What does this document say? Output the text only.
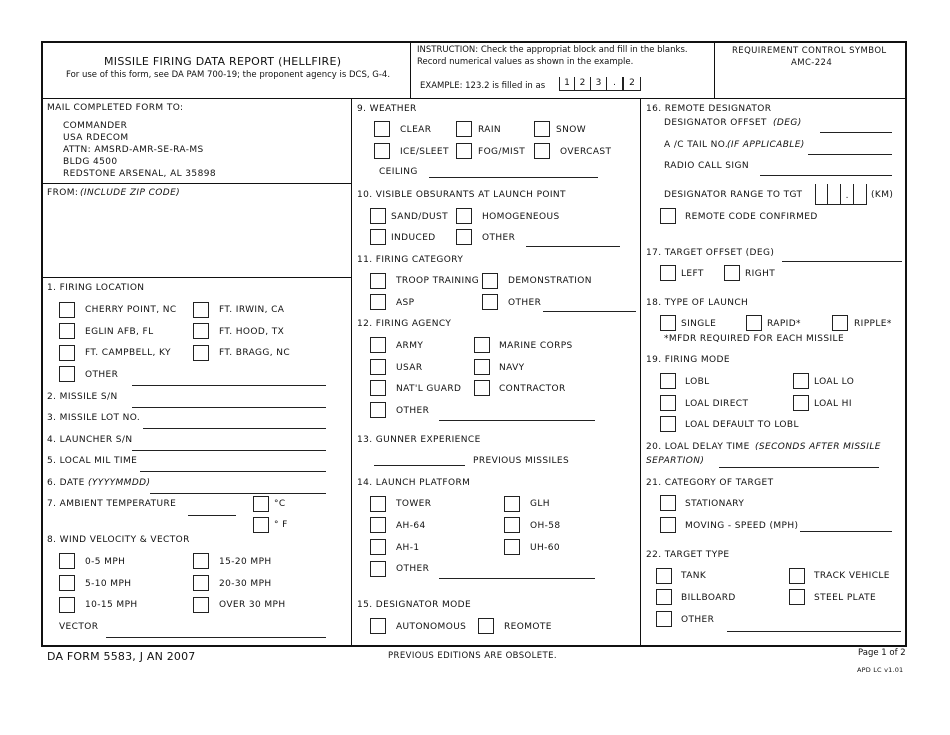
MISSILE FIRING DATA REPORT (HELLFIRE)
For use of this form, see DA PAM 700-19; the proponent agency is DCS, G-4.
INSTRUCTION: Check the appropriat block and fill in the blanks.
Record numerical values as shown in the example.
EXAMPLE: 123.2 is filled in as	1	2	3	.	2
REQUIREMENT CONTROL SYMBOL
AMC-224
MAIL COMPLETED FORM TO:
COMMANDER
USA RDECOM
ATTN: AMSRD-AMR-SE-RA-MS
BLDG 4500
REDSTONE ARSENAL, AL 35898
FROM: (INCLUDE ZIP CODE)
1. FIRING LOCATION
CHERRY POINT, NC	FT. IRWIN, CA
EGLIN AFB, FL	FT. HOOD, TX
FT. CAMPBELL, KY	FT. BRAGG, NC
OTHER
2. MISSILE S/N
3. MISSILE LOT NO.
4. LAUNCHER S/N
5. LOCAL MIL TIME
6. DATE (YYYYMMDD)
7. AMBIENT TEMPERATURE	°C
° F
8. WIND VELOCITY & VECTOR
0-5 MPH	15-20 MPH
5-10 MPH	20-30 MPH
10-15 MPH	OVER 30 MPH
VECTOR
9. WEATHER
CLEAR	RAIN	SNOW
ICE/SLEET	FOG/MIST	OVERCAST
CEILING
10. VISIBLE OBSURANTS AT LAUNCH POINT
SAND/DUST	HOMOGENEOUS
INDUCED	OTHER
11. FIRING CATEGORY
TROOP TRAINING	DEMONSTRATION
ASP	OTHER
12. FIRING AGENCY
ARMY	MARINE CORPS
USAR	NAVY
NAT'L GUARD	CONTRACTOR
OTHER
13. GUNNER EXPERIENCE
PREVIOUS MISSILES
14. LAUNCH PLATFORM
TOWER	GLH
AH-64	OH-58
AH-1	UH-60
OTHER
15. DESIGNATOR MODE
AUTONOMOUS	REOMOTE
16. REMOTE DESIGNATOR
DESIGNATOR OFFSET (DEG)
A /C TAIL NO.
(IF APPLICABLE)
RADIO CALL SIGN
DESIGNATOR RANGE TO TGT	.	(KM)
REMOTE CODE CONFIRMED
17. TARGET OFFSET (DEG)
LEFT	RIGHT
18. TYPE OF LAUNCH
SINGLE	RAPID*	RIPPLE*
*MFDR REQUIRED FOR EACH MISSILE
19. FIRING MODE
LOBL	LOAL LO
LOAL DIRECT	LOAL HI
LOAL DEFAULT TO LOBL
20. LOAL DELAY TIME (SECONDS AFTER MISSILE
SEPARTION)
21. CATEGORY OF TARGET
STATIONARY
MOVING - SPEED (MPH)
22. TARGET TYPE
TANK	TRACK VEHICLE
BILLBOARD	STEEL PLATE
OTHER
DA FORM 5583, J AN 2007	PREVIOUS EDITIONS ARE OBSOLETE.	Page 1 of 2
APD LC v1.01
